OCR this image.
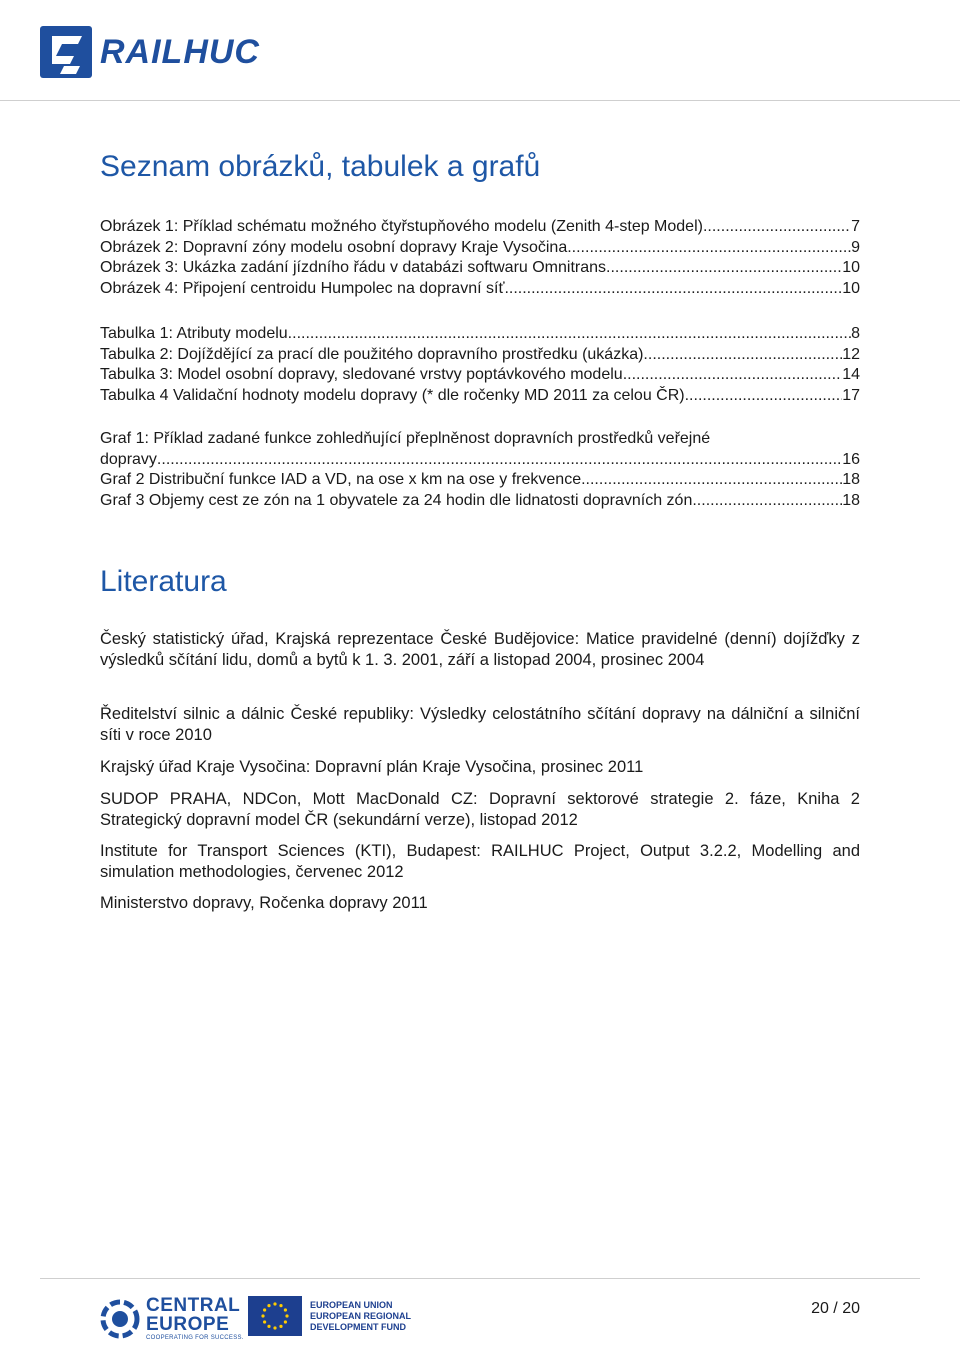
RAILHUC
Seznam obrázků, tabulek a grafů
Obrázek 1: Příklad schématu možného čtyřstupňového modelu (Zenith 4-step Model) .....	7
Obrázek 2: Dopravní zóny modelu osobní dopravy Kraje Vysočina .....	9
Obrázek 3: Ukázka zadání jízdního řádu v databázi softwaru Omnitrans .....	10
Obrázek 4: Připojení centroidu Humpolec na dopravní síť .....	10
Tabulka 1: Atributy modelu .....	8
Tabulka 2: Dojíždějící za prací dle použitého dopravního prostředku (ukázka) .....	12
Tabulka 3: Model osobní dopravy, sledované vrstvy poptávkového modelu .....	14
Tabulka 4 Validační hodnoty modelu dopravy (* dle ročenky MD 2011 za celou ČR) .....	17
Graf 1: Příklad zadané funkce zohledňující přeplněnost dopravních prostředků veřejné
dopravy .....	16
Graf 2 Distribuční funkce IAD a VD, na ose x km na ose y frekvence .....	18
Graf 3 Objemy cest ze zón na 1 obyvatele za 24 hodin dle lidnatosti dopravních zón .....	18
Literatura

Český statistický úřad, Krajská reprezentace České Budějovice: Matice pravidelné (denní) dojížďky z výsledků sčítání lidu, domů a bytů k 1. 3. 2001, září a listopad 2004, prosinec 2004

Ředitelství silnic a dálnic České republiky: Výsledky celostátního sčítání dopravy na dálniční a silniční síti v roce 2010

Krajský úřad Kraje Vysočina: Dopravní plán Kraje Vysočina, prosinec 2011

SUDOP PRAHA, NDCon, Mott MacDonald CZ: Dopravní sektorové strategie 2. fáze, Kniha 2 Strategický dopravní model ČR (sekundární verze), listopad 2012

Institute for Transport Sciences (KTI), Budapest: RAILHUC Project, Output 3.2.2, Modelling and simulation methodologies, červenec 2012

Ministerstvo dopravy, Ročenka dopravy 2011

CENTRAL
EUROPE
COOPERATING FOR SUCCESS.
EUROPEAN UNION
EUROPEAN REGIONAL
DEVELOPMENT FUND
20 / 20
